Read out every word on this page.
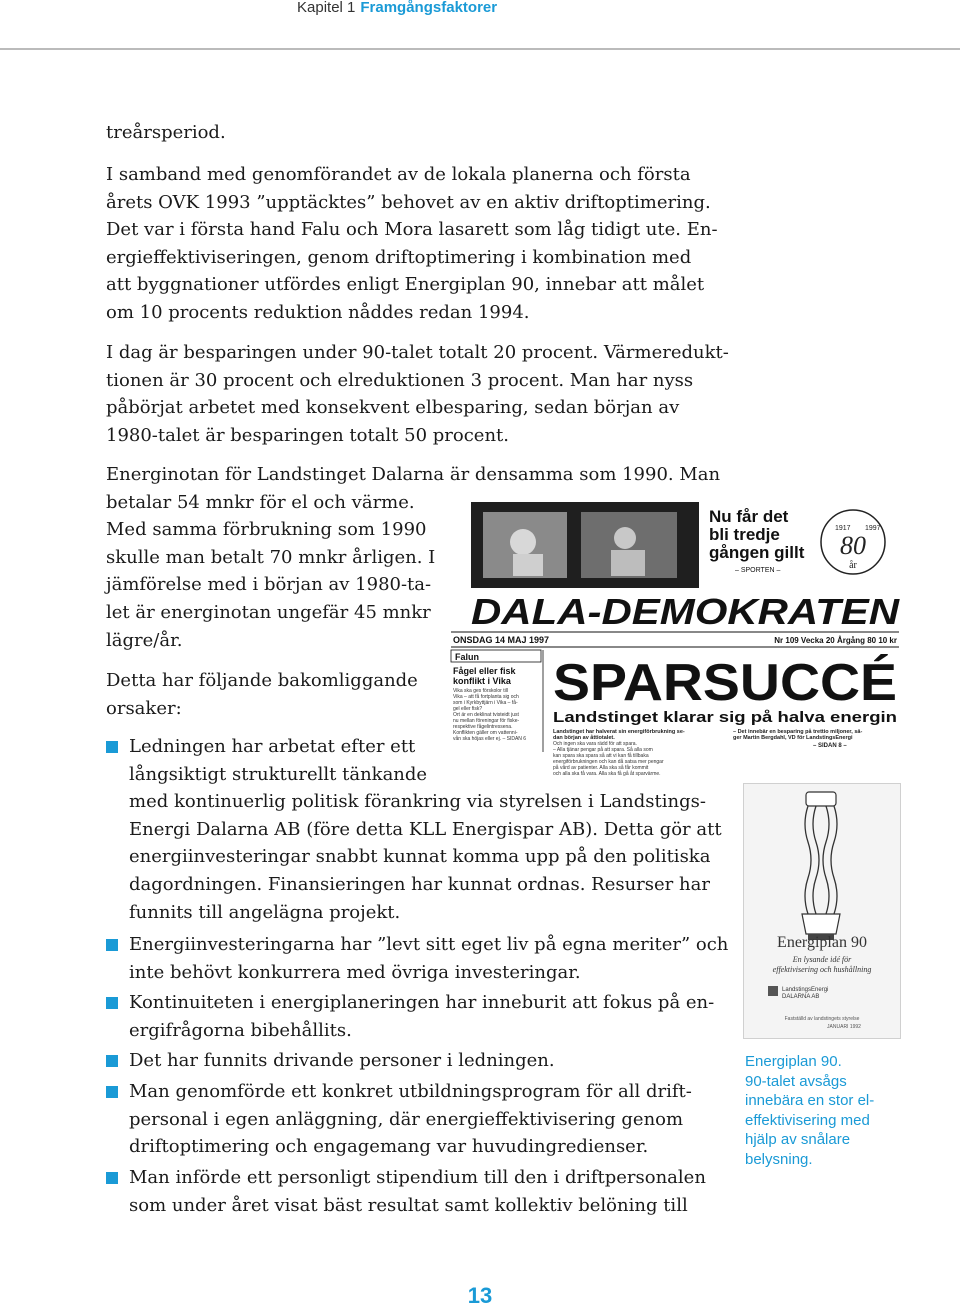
Kapitel 1 Framgångsfaktorer
treårsperiod.
I samband med genomförandet av de lokala planerna och första
årets OVK 1993 ”upptäcktes” behovet av en aktiv driftoptimering.
Det var i första hand Falu och Mora lasarett som låg tidigt ute. En-
ergieffektiviseringen, genom driftoptimering i kombination med
att byggnationer utfördes enligt Energiplan 90, innebar att målet
om 10 procents reduktion nåddes redan 1994.
I dag är besparingen under 90-talet totalt 20 procent. Värmeredukt-
tionen är 30 procent och elreduktionen 3 procent. Man har nyss
påbörjat arbetet med konsekvent elbesparing, sedan början av
1980-talet är besparingen totalt 50 procent.
Energinotan för Landstinget Dalarna är densamma som 1990. Man
betalar 54 mnkr för el och värme.
Med samma förbrukning som 1990
skulle man betalt 70 mnkr årligen. I
jämförelse med i början av 1980-ta-
let är energinotan ungefär 45 mnkr
lägre/år.
Detta har följande bakomliggande
orsaker:
Ledningen har arbetat efter ett
långsiktigt strukturellt tänkande
med kontinuerlig politisk förankring via styrelsen i Landstings-
Energi Dalarna AB (före detta KLL Energispar AB). Detta gör att
energiinvesteringar snabbt kunnat komma upp på den politiska
dagordningen. Finansieringen har kunnat ordnas. Resurser har
funnits till angelägna projekt.
Energiinvesteringarna har ”levt sitt eget liv på egna meriter” och
inte behövt konkurrera med övriga investeringar.
Kontinuiteten i energiplaneringen har inneburit att fokus på en-
ergifrågorna bibehållits.
Det har funnits drivande personer i ledningen.
Man genomförde ett konkret utbildningsprogram för all drift-
personal i egen anläggning, där energieffektivisering genom
driftoptimering och engagemang var huvudingredienser.
Man införde ett personligt stipendium till den i driftpersonalen
som under året visat bäst resultat samt kollektiv belöning till
Nu får det
bli tredje
gången gillt
– SPORTEN –
1917 1997
80
år
DALA-DEMOKRATEN
ONSDAG 14 MAJ 1997	Nr 109 Vecka 20 Årgång 80 10 kr
Falun
Fågel eller fisk
konflikt i Vika
Vika ska ges förskolor till
Vika – att få fortplanta sig och
som i Kyrkbyttjärn i Vika – få-
gel eller fisk?
Ort är en deklinat tvisteidt just
nu mellan föreningar för fiske-
respektive fågelintressena.
Konflikten gäller om vattenni-
vån ska höjas eller ej. – SIDAN 6
SPARSUCCÉ
Landstinget klarar sig på halva energin
Landstinget har halverat sin energiförbrukning se-
dan början av åttiotalet.
Och ingen ska vara rädd för att spara.
– Alla tjänar pengar på att spara. Så alla som
kan spara ska spara så att vi kan få tillbaka
energiförbrukningen och kan då satsa mer pengar
på vård av patienter. Alla ska så får kommit
och alla ska få vara. Alla ska få gå åt sparvärme.
– Det innebär en besparing på trettio miljoner, sä-
ger Martin Bergdahl, VD för LandstingsEnergi
– SIDAN 8 –
Energiplan 90
En lysande idé för
effektivisering och hushållning
LandstingsEnergi
DALARNA AB
Fastställd av landstingets styrelse
JANUARI 1992
Energiplan 90.
90-talet avsågs
innebära en stor el-
effektivisering med
hjälp av snålare
belysning.
13
